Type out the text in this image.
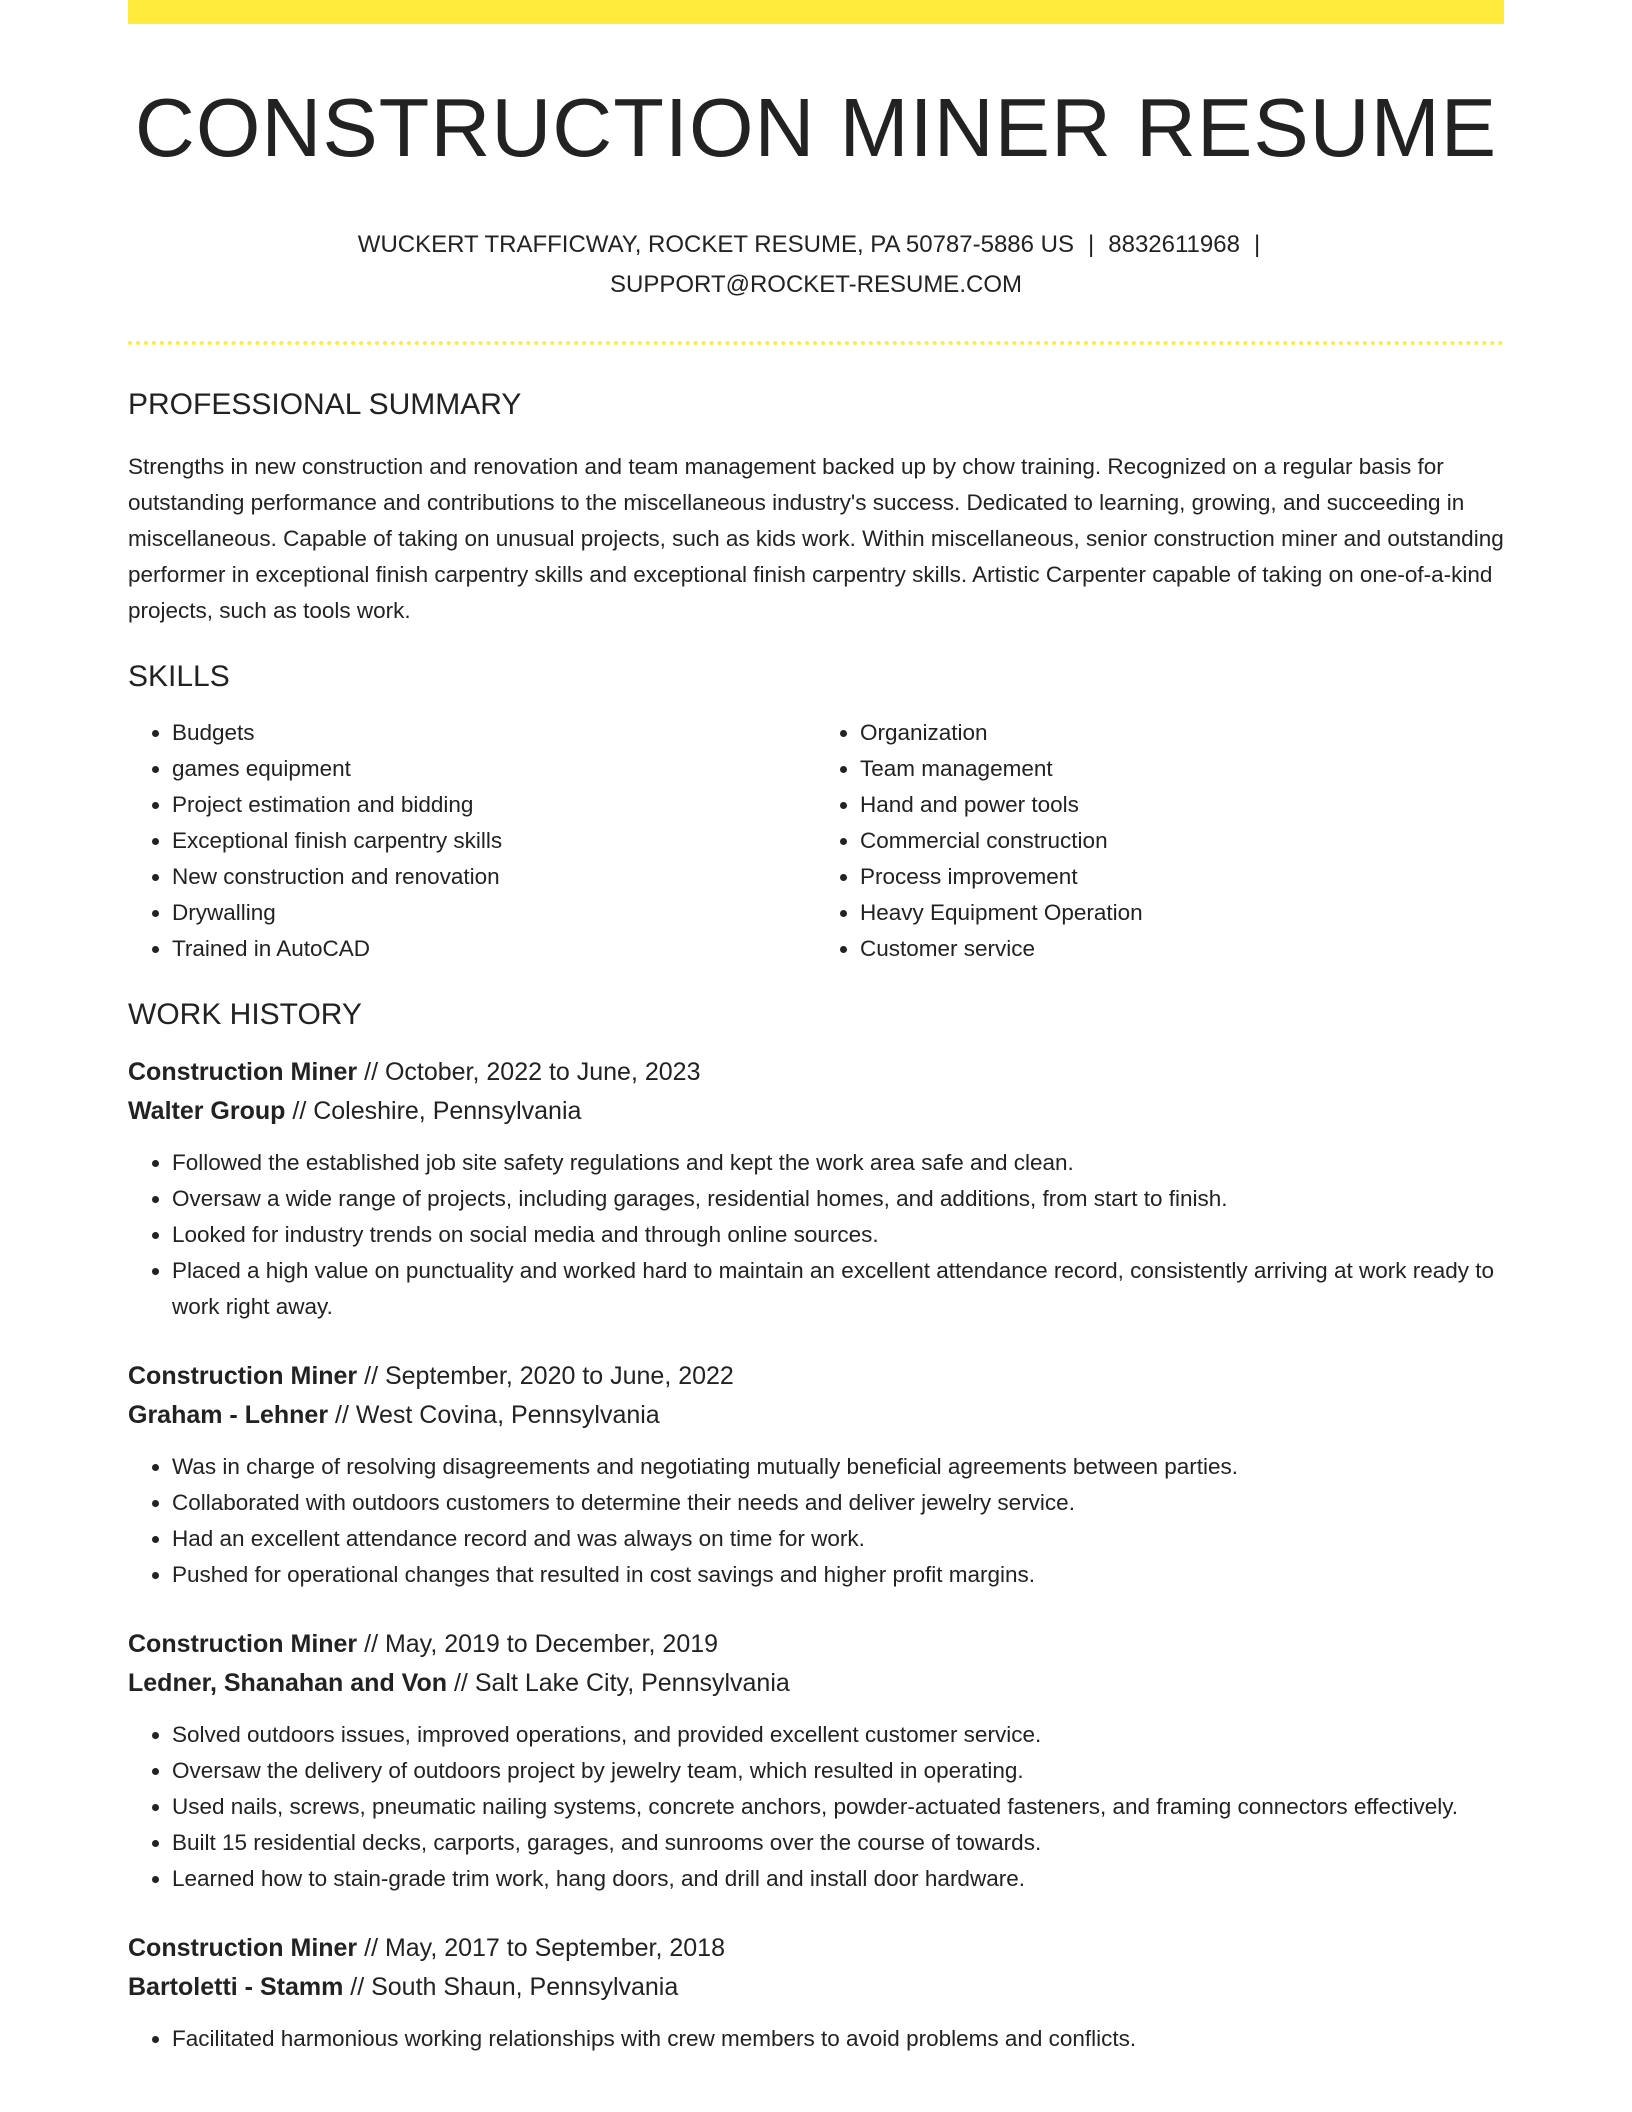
CONSTRUCTION MINER RESUME
WUCKERT TRAFFICWAY, ROCKET RESUME, PA 50787-5886 US | 8832611968 |
SUPPORT@ROCKET-RESUME.COM
PROFESSIONAL SUMMARY

Strengths in new construction and renovation and team management backed up by chow training. Recognized on a regular basis for outstanding performance and contributions to the miscellaneous industry's success. Dedicated to learning, growing, and succeeding in miscellaneous. Capable of taking on unusual projects, such as kids work. Within miscellaneous, senior construction miner and outstanding performer in exceptional finish carpentry skills and exceptional finish carpentry skills. Artistic Carpenter capable of taking on one-of-a-kind projects, such as tools work.

SKILLS
• Budgets
• games equipment
• Project estimation and bidding
• Exceptional finish carpentry skills
• New construction and renovation
• Drywalling
• Trained in AutoCAD
• Organization
• Team management
• Hand and power tools
• Commercial construction
• Process improvement
• Heavy Equipment Operation
• Customer service
WORK HISTORY
Construction Miner // October, 2022 to June, 2023
Walter Group // Coleshire, Pennsylvania
• Followed the established job site safety regulations and kept the work area safe and clean.
• Oversaw a wide range of projects, including garages, residential homes, and additions, from start to finish.
• Looked for industry trends on social media and through online sources.
• Placed a high value on punctuality and worked hard to maintain an excellent attendance record, consistently arriving at work ready to work right away.
Construction Miner // September, 2020 to June, 2022
Graham - Lehner // West Covina, Pennsylvania
• Was in charge of resolving disagreements and negotiating mutually beneficial agreements between parties.
• Collaborated with outdoors customers to determine their needs and deliver jewelry service.
• Had an excellent attendance record and was always on time for work.
• Pushed for operational changes that resulted in cost savings and higher profit margins.
Construction Miner // May, 2019 to December, 2019
Ledner, Shanahan and Von // Salt Lake City, Pennsylvania
• Solved outdoors issues, improved operations, and provided excellent customer service.
• Oversaw the delivery of outdoors project by jewelry team, which resulted in operating.
• Used nails, screws, pneumatic nailing systems, concrete anchors, powder-actuated fasteners, and framing connectors effectively.
• Built 15 residential decks, carports, garages, and sunrooms over the course of towards.
• Learned how to stain-grade trim work, hang doors, and drill and install door hardware.
Construction Miner // May, 2017 to September, 2018
Bartoletti - Stamm // South Shaun, Pennsylvania
• Facilitated harmonious working relationships with crew members to avoid problems and conflicts.
